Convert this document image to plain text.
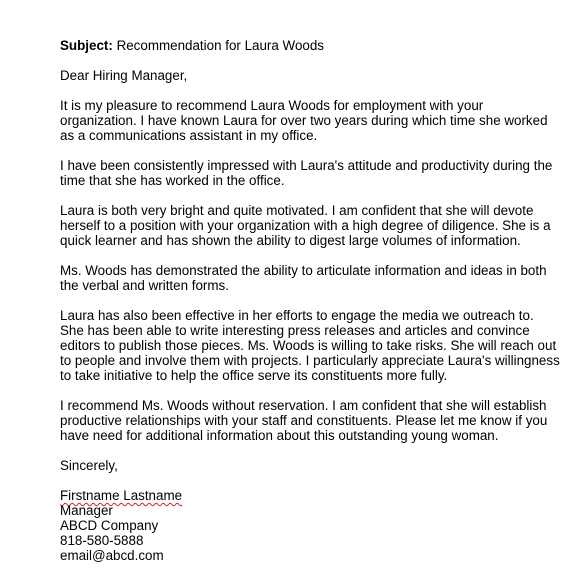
Subject: Recommendation for Laura Woods

Dear Hiring Manager,

It is my pleasure to recommend Laura Woods for employment with your organization. I have known Laura for over two years during which time she worked as a communications assistant in my office.

I have been consistently impressed with Laura's attitude and productivity during the time that she has worked in the office.

Laura is both very bright and quite motivated. I am confident that she will devote herself to a position with your organization with a high degree of diligence. She is a quick learner and has shown the ability to digest large volumes of information.

Ms. Woods has demonstrated the ability to articulate information and ideas in both the verbal and written forms.

Laura has also been effective in her efforts to engage the media we outreach to. She has been able to write interesting press releases and articles and convince editors to publish those pieces. Ms. Woods is willing to take risks. She will reach out to people and involve them with projects. I particularly appreciate Laura's willingness to take initiative to help the office serve its constituents more fully.

I recommend Ms. Woods without reservation. I am confident that she will establish productive relationships with your staff and constituents. Please let me know if you have need for additional information about this outstanding young woman.

Sincerely,

Firstname Lastname

Manager

ABCD Company

818-580-5888

email@abcd.com
